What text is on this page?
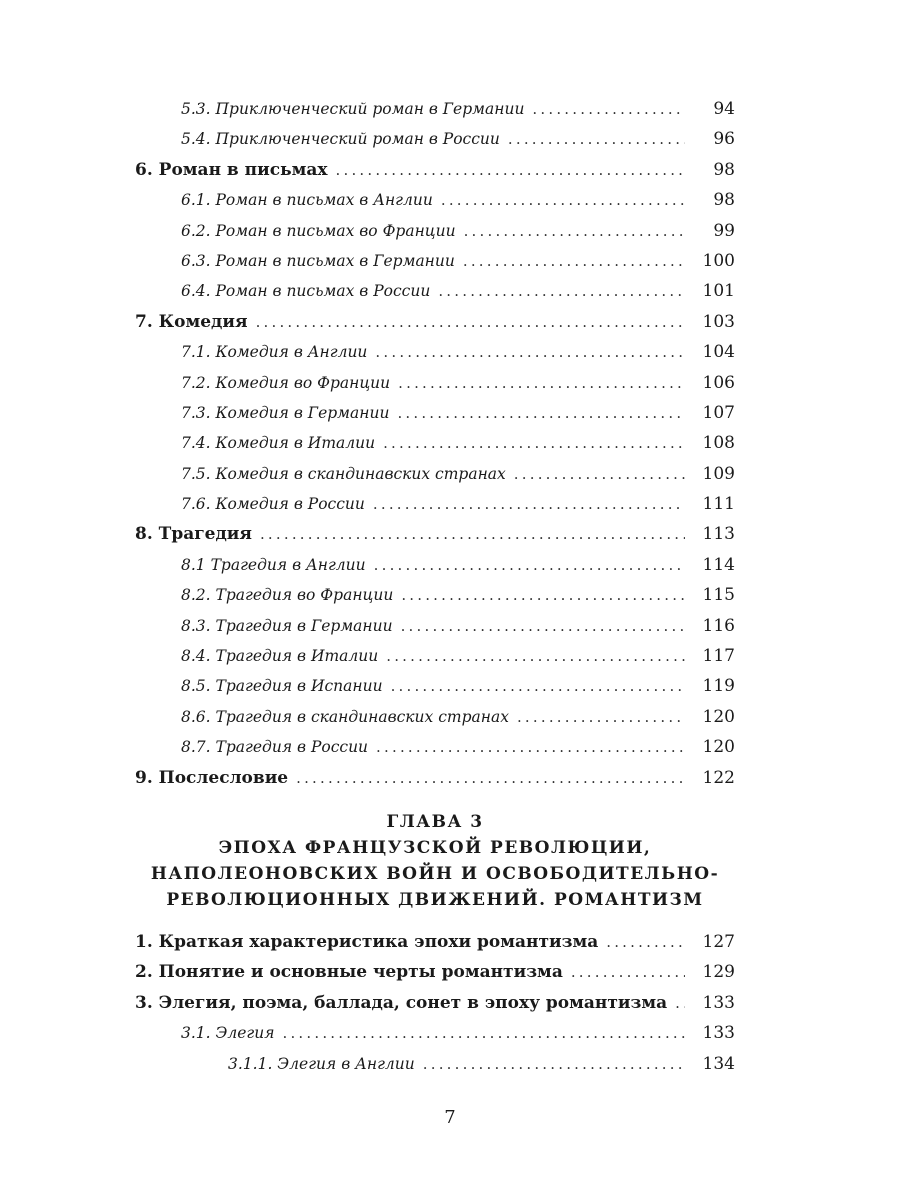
5.3. Приключенческий роман в Германии .....	94
5.4. Приключенческий роман в России .....	96
6. Роман в письмах .....	98
6.1. Роман в письмах в Англии .....	98
6.2. Роман в письмах во Франции .....	99
6.3. Роман в письмах в Германии .....	100
6.4. Роман в письмах в России .....	101
7. Комедия .....	103
7.1. Комедия в Англии .....	104
7.2. Комедия во Франции .....	106
7.3. Комедия в Германии .....	107
7.4. Комедия в Италии .....	108
7.5. Комедия в скандинавских странах .....	109
7.6. Комедия в России .....	111
8. Трагедия .....	113
8.1 Трагедия в Англии .....	114
8.2. Трагедия во Франции .....	115
8.3. Трагедия в Германии .....	116
8.4. Трагедия в Италии .....	117
8.5. Трагедия в Испании .....	119
8.6. Трагедия в скандинавских странах .....	120
8.7. Трагедия в России .....	120
9. Послесловие .....	122
ГЛАВА 3
ЭПОХА ФРАНЦУЗСКОЙ РЕВОЛЮЦИИ,
НАПОЛЕОНОВСКИХ ВОЙН И ОСВОБОДИТЕЛЬНО-
РЕВОЛЮЦИОННЫХ ДВИЖЕНИЙ. РОМАНТИЗМ
1. Краткая характеристика эпохи романтизма .....	127
2. Понятие и основные черты романтизма .....	129
3. Элегия, поэма, баллада, сонет в эпоху романтизма .....	133
3.1. Элегия .....	133
3.1.1. Элегия в Англии .....	134
7
